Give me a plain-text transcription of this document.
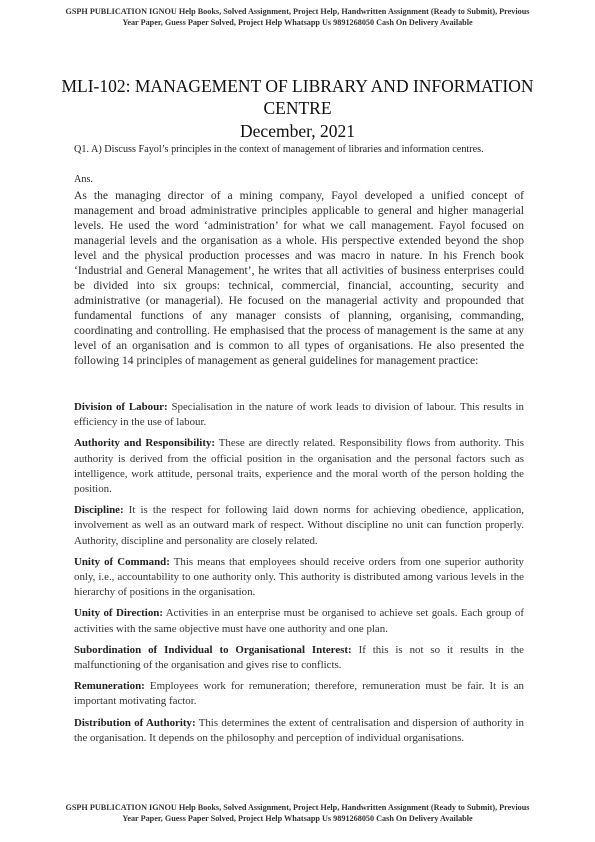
GSPH PUBLICATION IGNOU Help Books, Solved Assignment, Project Help, Handwritten Assignment (Ready to Submit), Previous Year Paper, Guess Paper Solved, Project Help Whatsapp Us 9891268050 Cash On Delivery Available
MLI-102: MANAGEMENT OF LIBRARY AND INFORMATION CENTRE
December, 2021
Q1. A) Discuss Fayol’s principles in the context of management of libraries and information centres.
Ans.
As the managing director of a mining company, Fayol developed a unified concept of management and broad administrative principles applicable to general and higher managerial levels. He used the word ‘administration’ for what we call management. Fayol focused on managerial levels and the organisation as a whole. His perspective extended beyond the shop level and the physical production processes and was macro in nature. In his French book ‘Industrial and General Management’, he writes that all activities of business enterprises could be divided into six groups: technical, commercial, financial, accounting, security and administrative (or managerial). He focused on the managerial activity and propounded that fundamental functions of any manager consists of planning, organising, commanding, coordinating and controlling. He emphasised that the process of management is the same at any level of an organisation and is common to all types of organisations. He also presented the following 14 principles of management as general guidelines for management practice:

Division of Labour: Specialisation in the nature of work leads to division of labour. This results in efficiency in the use of labour.

Authority and Responsibility: These are directly related. Responsibility flows from authority. This authority is derived from the official position in the organisation and the personal factors such as intelligence, work attitude, personal traits, experience and the moral worth of the person holding the position.

Discipline: It is the respect for following laid down norms for achieving obedience, application, involvement as well as an outward mark of respect. Without discipline no unit can function properly. Authority, discipline and personality are closely related.

Unity of Command: This means that employees should receive orders from one superior authority only, i.e., accountability to one authority only. This authority is distributed among various levels in the hierarchy of positions in the organisation.

Unity of Direction: Activities in an enterprise must be organised to achieve set goals. Each group of activities with the same objective must have one authority and one plan.

Subordination of Individual to Organisational Interest: If this is not so it results in the malfunctioning of the organisation and gives rise to conflicts.

Remuneration: Employees work for remuneration; therefore, remuneration must be fair. It is an important motivating factor.

Distribution of Authority: This determines the extent of centralisation and dispersion of authority in the organisation. It depends on the philosophy and perception of individual organisations.

GSPH PUBLICATION IGNOU Help Books, Solved Assignment, Project Help, Handwritten Assignment (Ready to Submit), Previous Year Paper, Guess Paper Solved, Project Help Whatsapp Us 9891268050 Cash On Delivery Available
